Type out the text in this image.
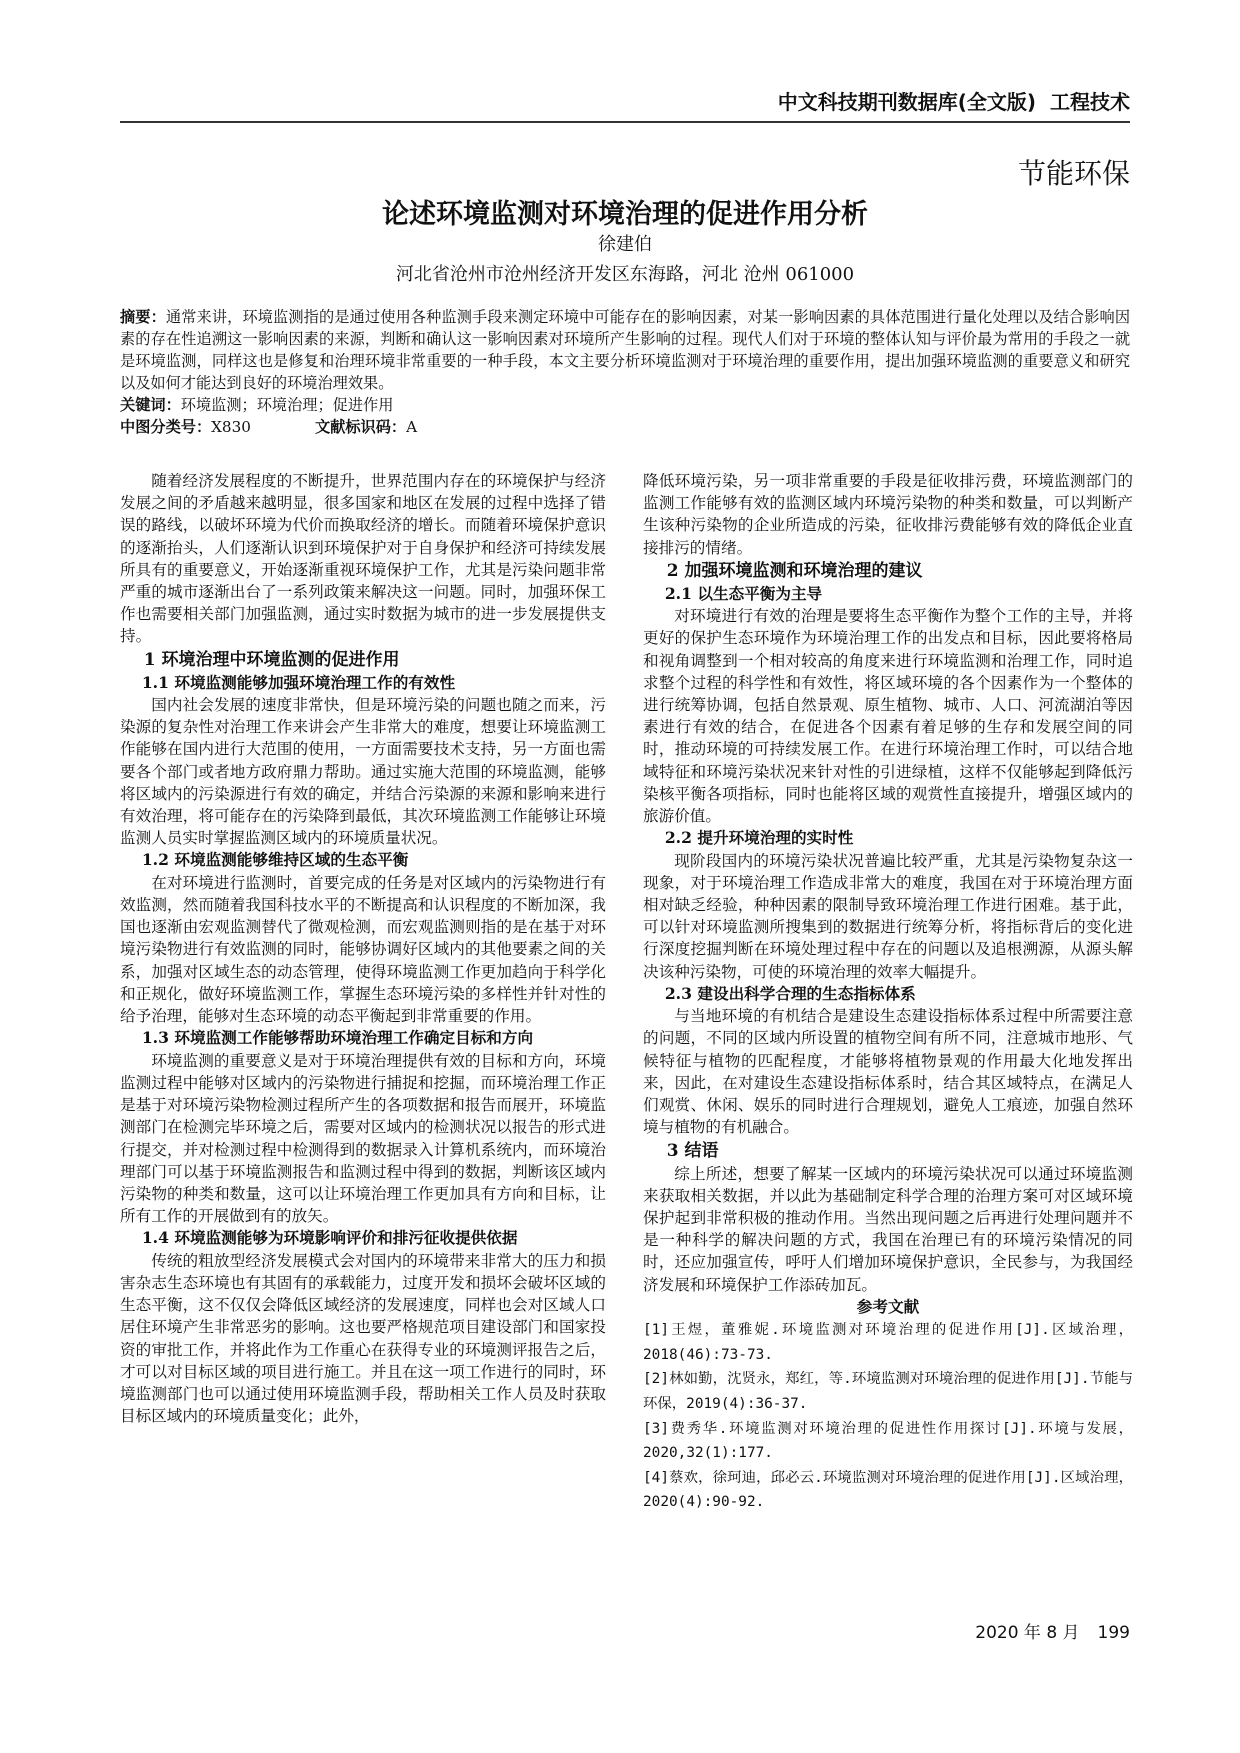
中文科技期刊数据库(全文版) 工程技术
节能环保
论述环境监测对环境治理的促进作用分析
徐建伯
河北省沧州市沧州经济开发区东海路，河北 沧州 061000
摘要：通常来讲，环境监测指的是通过使用各种监测手段来测定环境中可能存在的影响因素，对某一影响因素的具体范围进行量化处理以及结合影响因素的存在性追溯这一影响因素的来源，判断和确认这一影响因素对环境所产生影响的过程。现代人们对于环境的整体认知与评价最为常用的手段之一就是环境监测，同样这也是修复和治理环境非常重要的一种手段，本文主要分析环境监测对于环境治理的重要作用，提出加强环境监测的重要意义和研究以及如何才能达到良好的环境治理效果。
关键词：环境监测；环境治理；促进作用
中图分类号：X830	文献标识码：A

随着经济发展程度的不断提升，世界范围内存在的环境保护与经济发展之间的矛盾越来越明显，很多国家和地区在发展的过程中选择了错误的路线，以破坏环境为代价而换取经济的增长。而随着环境保护意识的逐渐抬头，人们逐渐认识到环境保护对于自身保护和经济可持续发展所具有的重要意义，开始逐渐重视环境保护工作，尤其是污染问题非常严重的城市逐渐出台了一系列政策来解决这一问题。同时，加强环保工作也需要相关部门加强监测，通过实时数据为城市的进一步发展提供支持。

1 环境治理中环境监测的促进作用
1.1 环境监测能够加强环境治理工作的有效性

国内社会发展的速度非常快，但是环境污染的问题也随之而来，污染源的复杂性对治理工作来讲会产生非常大的难度，想要让环境监测工作能够在国内进行大范围的使用，一方面需要技术支持，另一方面也需要各个部门或者地方政府鼎力帮助。通过实施大范围的环境监测，能够将区域内的污染源进行有效的确定，并结合污染源的来源和影响来进行有效治理，将可能存在的污染降到最低，其次环境监测工作能够让环境监测人员实时掌握监测区域内的环境质量状况。

1.2 环境监测能够维持区域的生态平衡

在对环境进行监测时，首要完成的任务是对区域内的污染物进行有效监测，然而随着我国科技水平的不断提高和认识程度的不断加深，我国也逐渐由宏观监测替代了微观检测，而宏观监测则指的是在基于对环境污染物进行有效监测的同时，能够协调好区域内的其他要素之间的关系，加强对区域生态的动态管理，使得环境监测工作更加趋向于科学化和正规化，做好环境监测工作，掌握生态环境污染的多样性并针对性的给予治理，能够对生态环境的动态平衡起到非常重要的作用。

1.3 环境监测工作能够帮助环境治理工作确定目标和方向

环境监测的重要意义是对于环境治理提供有效的目标和方向，环境监测过程中能够对区域内的污染物进行捕捉和挖掘，而环境治理工作正是基于对环境污染物检测过程所产生的各项数据和报告而展开，环境监测部门在检测完毕环境之后，需要对区域内的检测状况以报告的形式进行提交，并对检测过程中检测得到的数据录入计算机系统内，而环境治理部门可以基于环境监测报告和监测过程中得到的数据，判断该区域内污染物的种类和数量，这可以让环境治理工作更加具有方向和目标，让所有工作的开展做到有的放矢。

1.4 环境监测能够为环境影响评价和排污征收提供依据

传统的粗放型经济发展模式会对国内的环境带来非常大的压力和损害杂志生态环境也有其固有的承载能力，过度开发和损坏会破坏区域的生态平衡，这不仅仅会降低区域经济的发展速度，同样也会对区域人口居住环境产生非常恶劣的影响。这也要严格规范项目建设部门和国家投资的审批工作，并将此作为工作重心在获得专业的环境测评报告之后，才可以对目标区域的项目进行施工。并且在这一项工作进行的同时，环境监测部门也可以通过使用环境监测手段，帮助相关工作人员及时获取目标区域内的环境质量变化；此外，

降低环境污染，另一项非常重要的手段是征收排污费，环境监测部门的监测工作能够有效的监测区域内环境污染物的种类和数量，可以判断产生该种污染物的企业所造成的污染，征收排污费能够有效的降低企业直接排污的情绪。

2 加强环境监测和环境治理的建议
2.1 以生态平衡为主导

对环境进行有效的治理是要将生态平衡作为整个工作的主导，并将更好的保护生态环境作为环境治理工作的出发点和目标，因此要将格局和视角调整到一个相对较高的角度来进行环境监测和治理工作，同时追求整个过程的科学性和有效性，将区域环境的各个因素作为一个整体的进行统筹协调，包括自然景观、原生植物、城市、人口、河流湖泊等因素进行有效的结合，在促进各个因素有着足够的生存和发展空间的同时，推动环境的可持续发展工作。在进行环境治理工作时，可以结合地域特征和环境污染状况来针对性的引进绿植，这样不仅能够起到降低污染核平衡各项指标，同时也能将区域的观赏性直接提升，增强区域内的旅游价值。

2.2 提升环境治理的实时性

现阶段国内的环境污染状况普遍比较严重，尤其是污染物复杂这一现象，对于环境治理工作造成非常大的难度，我国在对于环境治理方面相对缺乏经验，种种因素的限制导致环境治理工作进行困难。基于此，可以针对环境监测所搜集到的数据进行统筹分析，将指标背后的变化进行深度挖掘判断在环境处理过程中存在的问题以及追根溯源，从源头解决该种污染物，可使的环境治理的效率大幅提升。

2.3 建设出科学合理的生态指标体系

与当地环境的有机结合是建设生态建设指标体系过程中所需要注意的问题，不同的区域内所设置的植物空间有所不同，注意城市地形、气候特征与植物的匹配程度，才能够将植物景观的作用最大化地发挥出来，因此，在对建设生态建设指标体系时，结合其区域特点，在满足人们观赏、休闲、娱乐的同时进行合理规划，避免人工痕迹，加强自然环境与植物的有机融合。

3 结语

综上所述，想要了解某一区域内的环境污染状况可以通过环境监测来获取相关数据，并以此为基础制定科学合理的治理方案可对区域环境保护起到非常积极的推动作用。当然出现问题之后再进行处理问题并不是一种科学的解决问题的方式，我国在治理已有的环境污染情况的同时，还应加强宣传，呼吁人们增加环境保护意识，全民参与，为我国经济发展和环境保护工作添砖加瓦。

参考文献
[1]王煜，董雅妮.环境监测对环境治理的促进作用[J].区域治理，2018(46):73-73.
[2]林如勤，沈贤永，郑红，等.环境监测对环境治理的促进作用[J].节能与环保，2019(4):36-37.
[3]费秀华.环境监测对环境治理的促进性作用探讨[J].环境与发展，2020,32(1):177.
[4]蔡欢，徐珂迪，邱必云.环境监测对环境治理的促进作用[J].区域治理，2020(4):90-92.
2020 年 8 月 199
